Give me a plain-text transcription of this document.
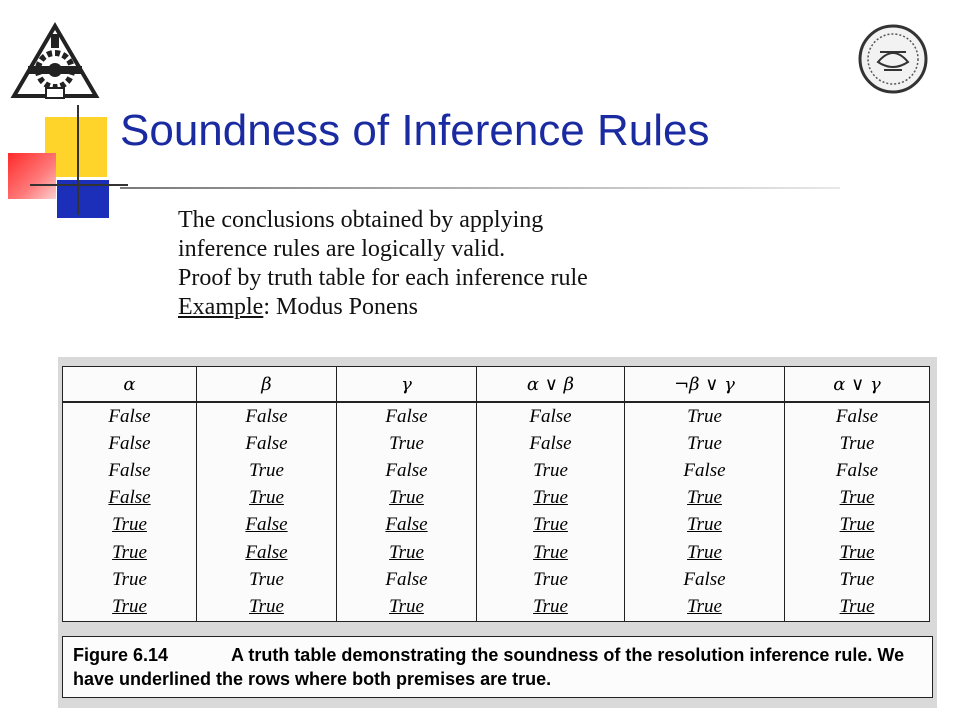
Soundness of Inference Rules
The conclusions obtained by applying
inference rules are logically valid.
Proof by truth table for each inference rule
Example: Modus Ponens

α	β	γ	α ∨ β	¬β ∨ γ	α ∨ γ
False	False	False	False	True	False
False	False	True	False	True	True
False	True	False	True	False	False
False	True	True	True	True	True
True	False	False	True	True	True
True	False	True	True	True	True
True	True	False	True	False	True
True	True	True	True	True	True
Figure 6.14	A truth table demonstrating the soundness of the resolution inference rule. We
have underlined the rows where both premises are true.
